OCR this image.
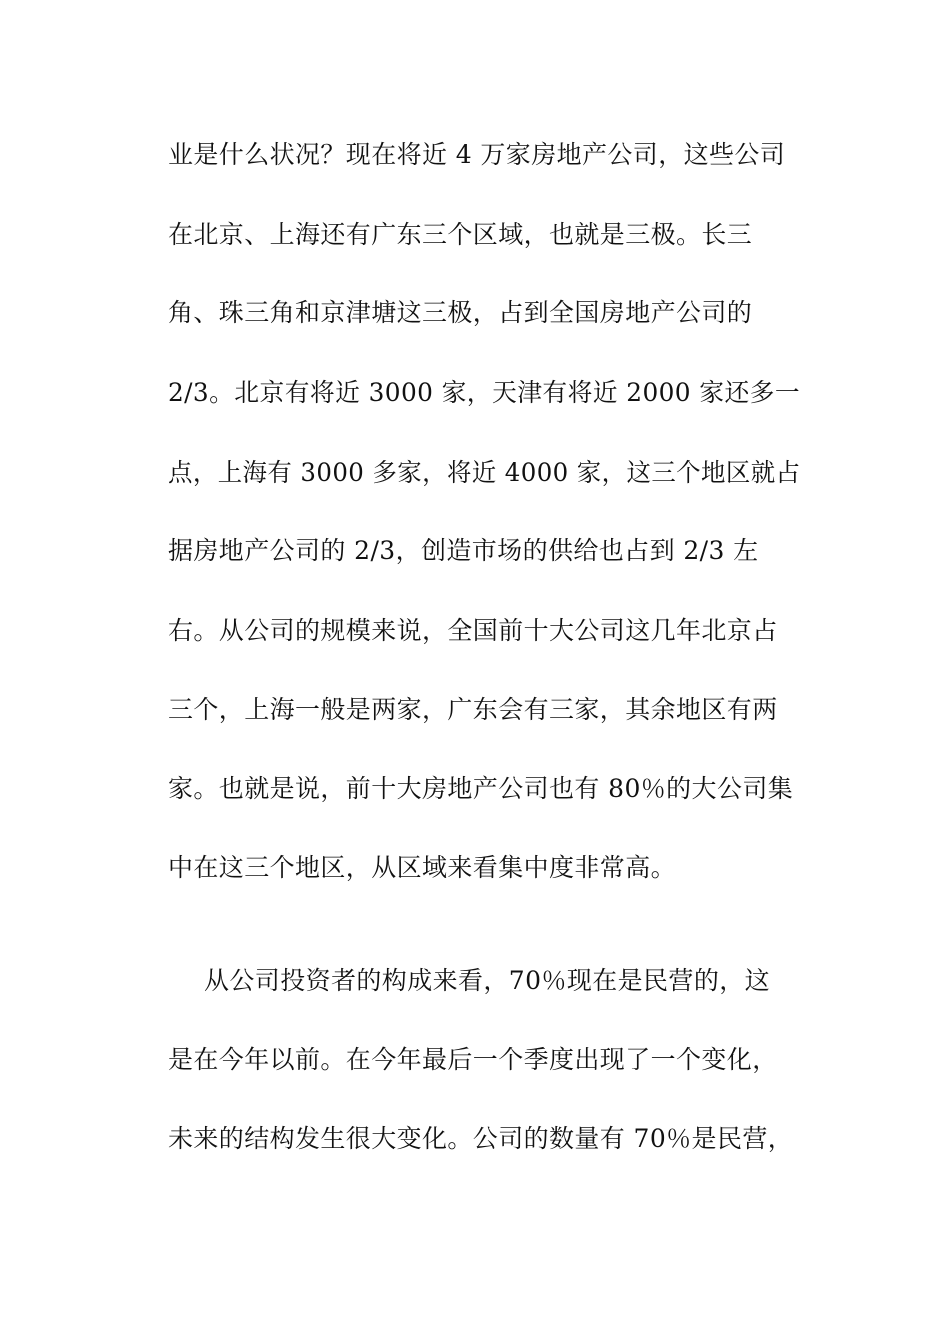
业是什么状况？现在将近 4 万家房地产公司，这些公司
在北京、上海还有广东三个区域，也就是三极。长三
角、珠三角和京津塘这三极，占到全国房地产公司的
2/3。北京有将近 3000 家，天津有将近 2000 家还多一
点，上海有 3000 多家，将近 4000 家，这三个地区就占
据房地产公司的 2/3，创造市场的供给也占到 2/3 左
右。从公司的规模来说，全国前十大公司这几年北京占
三个，上海一般是两家，广东会有三家，其余地区有两
家。也就是说，前十大房地产公司也有 80％的大公司集
中在这三个地区，从区域来看集中度非常高。
从公司投资者的构成来看，70％现在是民营的，这
是在今年以前。在今年最后一个季度出现了一个变化，
未来的结构发生很大变化。公司的数量有 70％是民营，
